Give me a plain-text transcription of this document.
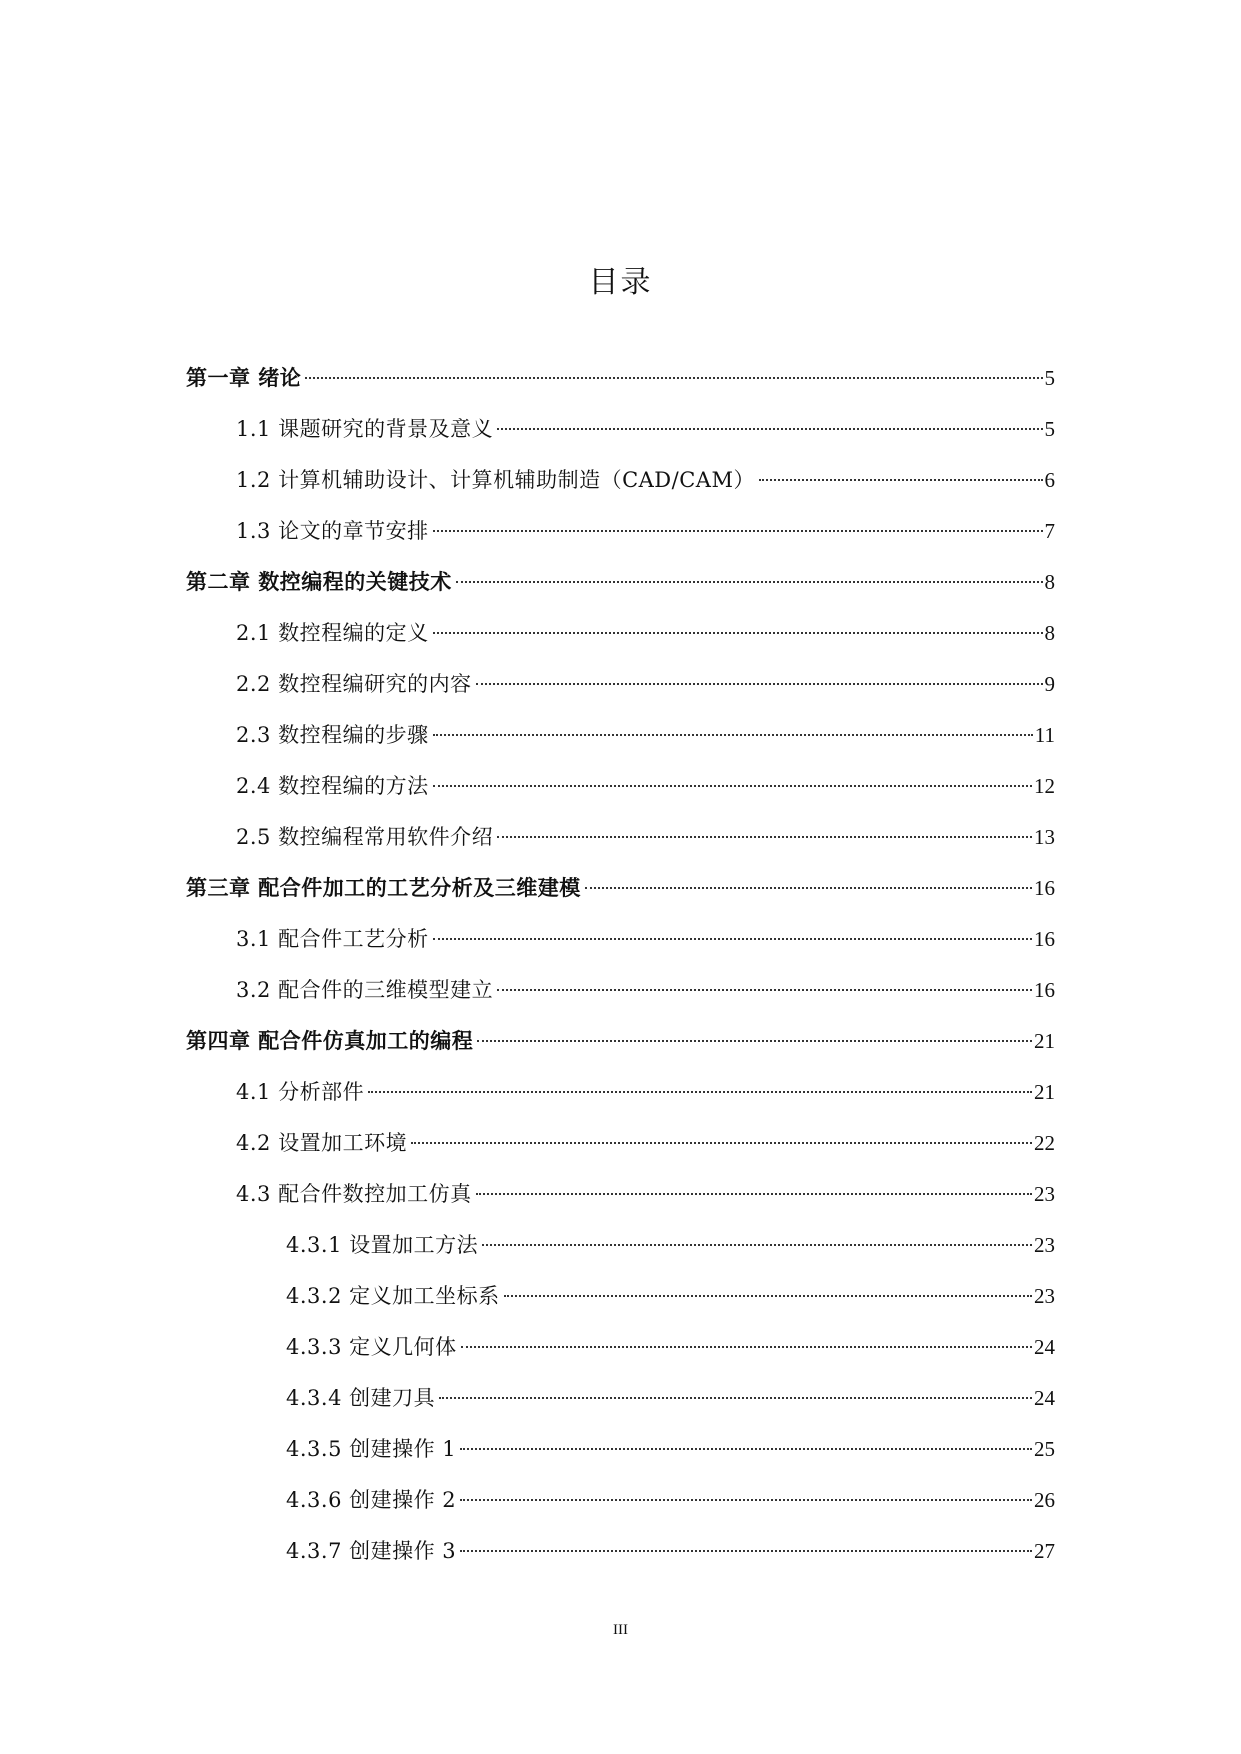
目录
第一章 绪论	5
1.1 课题研究的背景及意义	5
1.2 计算机辅助设计、计算机辅助制造（CAD/CAM）	6
1.3 论文的章节安排	7
第二章 数控编程的关键技术	8
2.1 数控程编的定义	8
2.2 数控程编研究的内容	9
2.3 数控程编的步骤	11
2.4 数控程编的方法	12
2.5 数控编程常用软件介绍	13
第三章 配合件加工的工艺分析及三维建模	16
3.1 配合件工艺分析	16
3.2 配合件的三维模型建立	16
第四章 配合件仿真加工的编程	21
4.1 分析部件	21
4.2 设置加工环境	22
4.3 配合件数控加工仿真	23
4.3.1 设置加工方法	23
4.3.2 定义加工坐标系	23
4.3.3 定义几何体	24
4.3.4 创建刀具	24
4.3.5 创建操作 1	25
4.3.6 创建操作 2	26
4.3.7 创建操作 3	27
III
